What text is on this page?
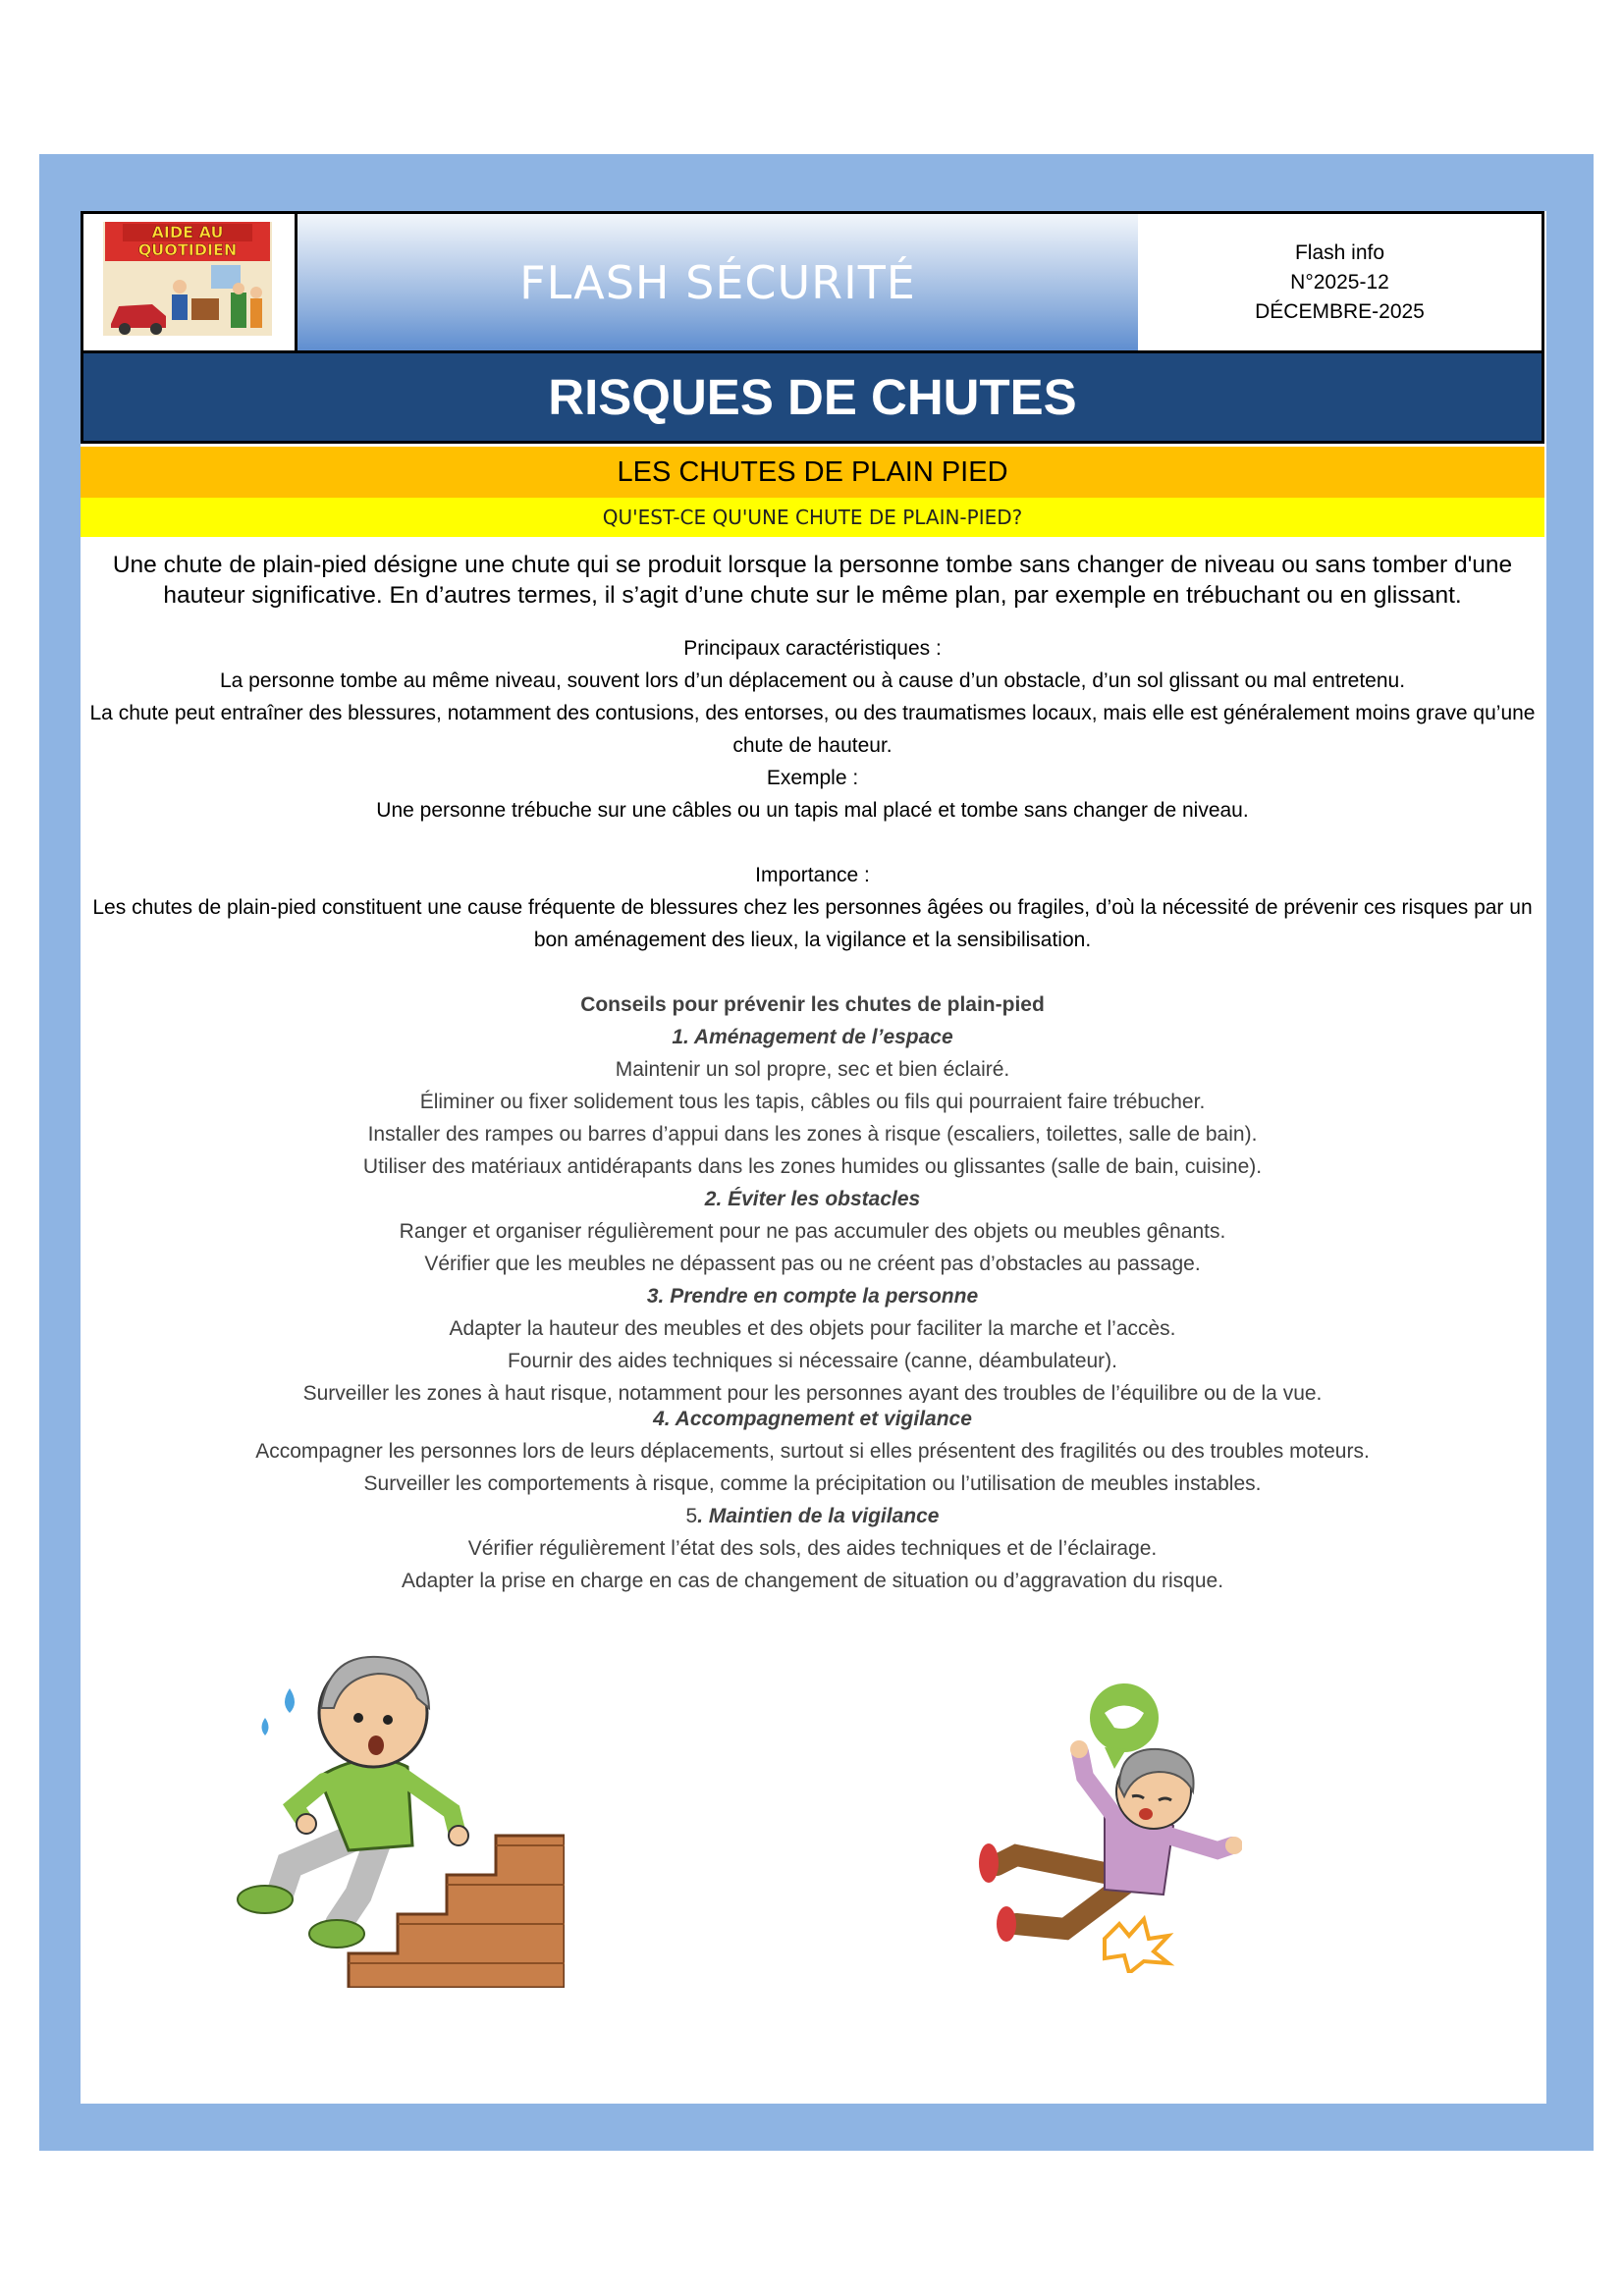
AIDE AU
QUOTIDIEN
FLASH SÉCURITÉ
Flash info
N°2025-12
DÉCEMBRE-2025
RISQUES DE CHUTES
LES CHUTES DE PLAIN PIED
QU'EST-CE QU'UNE CHUTE DE PLAIN-PIED?

Une chute de plain-pied désigne une chute qui se produit lorsque la personne tombe sans changer de niveau ou sans tomber d'une hauteur significative. En d’autres termes, il s’agit d’une chute sur le même plan, par exemple en trébuchant ou en glissant.

Principaux caractéristiques :

La personne tombe au même niveau, souvent lors d’un déplacement ou à cause d’un obstacle, d’un sol glissant ou mal entretenu.

La chute peut entraîner des blessures, notamment des contusions, des entorses, ou des traumatismes locaux, mais elle est généralement moins grave qu’une chute de hauteur.

Exemple :

Une personne trébuche sur une câbles ou un tapis mal placé et tombe sans changer de niveau.

Importance :

Les chutes de plain-pied constituent une cause fréquente de blessures chez les personnes âgées ou fragiles, d’où la nécessité de prévenir ces risques par un bon aménagement des lieux, la vigilance et la sensibilisation.

Conseils pour prévenir les chutes de plain-pied

1. Aménagement de l’espace

Maintenir un sol propre, sec et bien éclairé.

Éliminer ou fixer solidement tous les tapis, câbles ou fils qui pourraient faire trébucher.

Installer des rampes ou barres d’appui dans les zones à risque (escaliers, toilettes, salle de bain).

Utiliser des matériaux antidérapants dans les zones humides ou glissantes (salle de bain, cuisine).

2. Éviter les obstacles

Ranger et organiser régulièrement pour ne pas accumuler des objets ou meubles gênants.

Vérifier que les meubles ne dépassent pas ou ne créent pas d’obstacles au passage.

3. Prendre en compte la personne

Adapter la hauteur des meubles et des objets pour faciliter la marche et l’accès.

Fournir des aides techniques si nécessaire (canne, déambulateur).

Surveiller les zones à haut risque, notamment pour les personnes ayant des troubles de l’équilibre ou de la vue.

4. Accompagnement et vigilance

Accompagner les personnes lors de leurs déplacements, surtout si elles présentent des fragilités ou des troubles moteurs.

Surveiller les comportements à risque, comme la précipitation ou l’utilisation de meubles instables.

5. Maintien de la vigilance

Vérifier régulièrement l’état des sols, des aides techniques et de l’éclairage.

Adapter la prise en charge en cas de changement de situation ou d’aggravation du risque.
